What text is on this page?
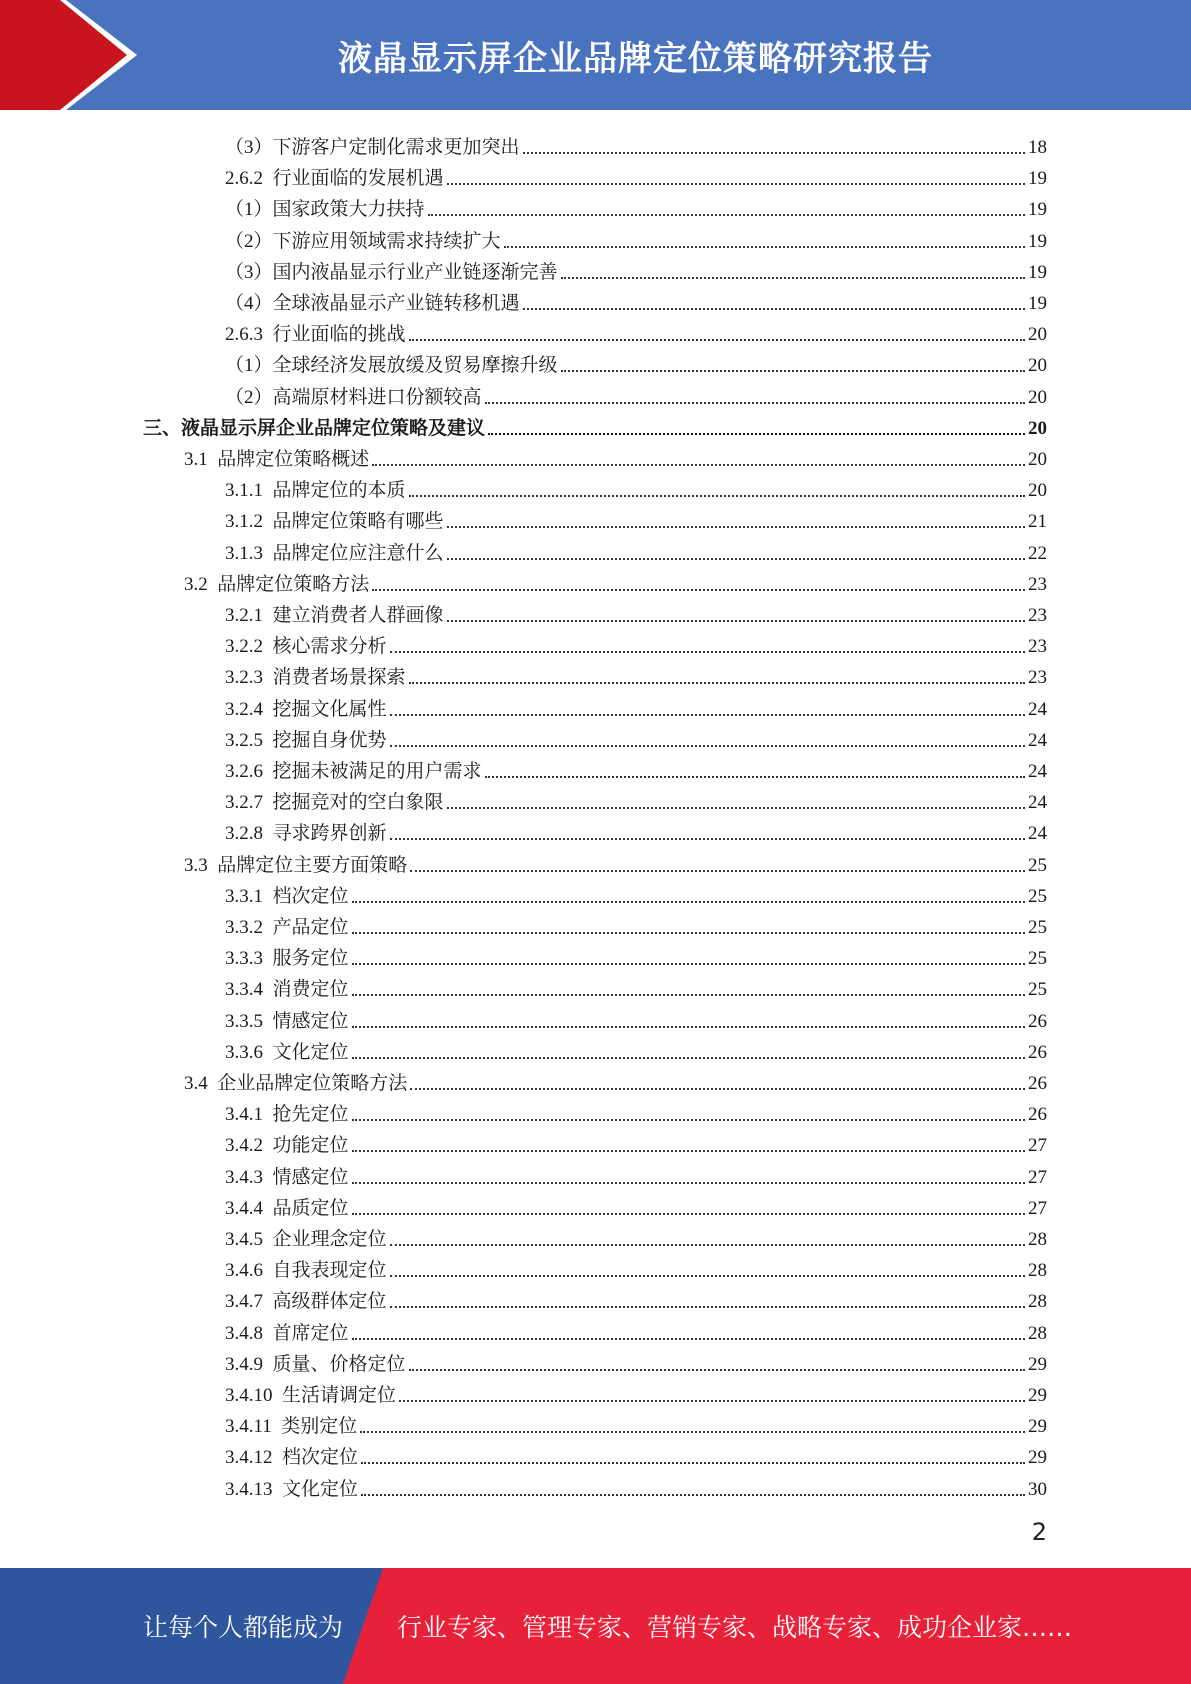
液晶显示屏企业品牌定位策略研究报告
（3）下游客户定制化需求更加突出	18
2.6.2  行业面临的发展机遇	19
（1）国家政策大力扶持	19
（2）下游应用领域需求持续扩大	19
（3）国内液晶显示行业产业链逐渐完善	19
（4）全球液晶显示产业链转移机遇	19
2.6.3  行业面临的挑战	20
（1）全球经济发展放缓及贸易摩擦升级	20
（2）高端原材料进口份额较高	20
三、液晶显示屏企业品牌定位策略及建议	20
3.1  品牌定位策略概述	20
3.1.1  品牌定位的本质	20
3.1.2  品牌定位策略有哪些	21
3.1.3  品牌定位应注意什么	22
3.2  品牌定位策略方法	23
3.2.1  建立消费者人群画像	23
3.2.2  核心需求分析	23
3.2.3  消费者场景探索	23
3.2.4  挖掘文化属性	24
3.2.5  挖掘自身优势	24
3.2.6  挖掘未被满足的用户需求	24
3.2.7  挖掘竞对的空白象限	24
3.2.8  寻求跨界创新	24
3.3  品牌定位主要方面策略	25
3.3.1  档次定位	25
3.3.2  产品定位	25
3.3.3  服务定位	25
3.3.4  消费定位	25
3.3.5  情感定位	26
3.3.6  文化定位	26
3.4  企业品牌定位策略方法	26
3.4.1  抢先定位	26
3.4.2  功能定位	27
3.4.3  情感定位	27
3.4.4  品质定位	27
3.4.5  企业理念定位	28
3.4.6  自我表现定位	28
3.4.7  高级群体定位	28
3.4.8  首席定位	28
3.4.9  质量、价格定位	29
3.4.10  生活请调定位	29
3.4.11  类别定位	29
3.4.12  档次定位	29
3.4.13  文化定位	30
2
让每个人都能成为 行业专家、管理专家、营销专家、战略专家、成功企业家……
